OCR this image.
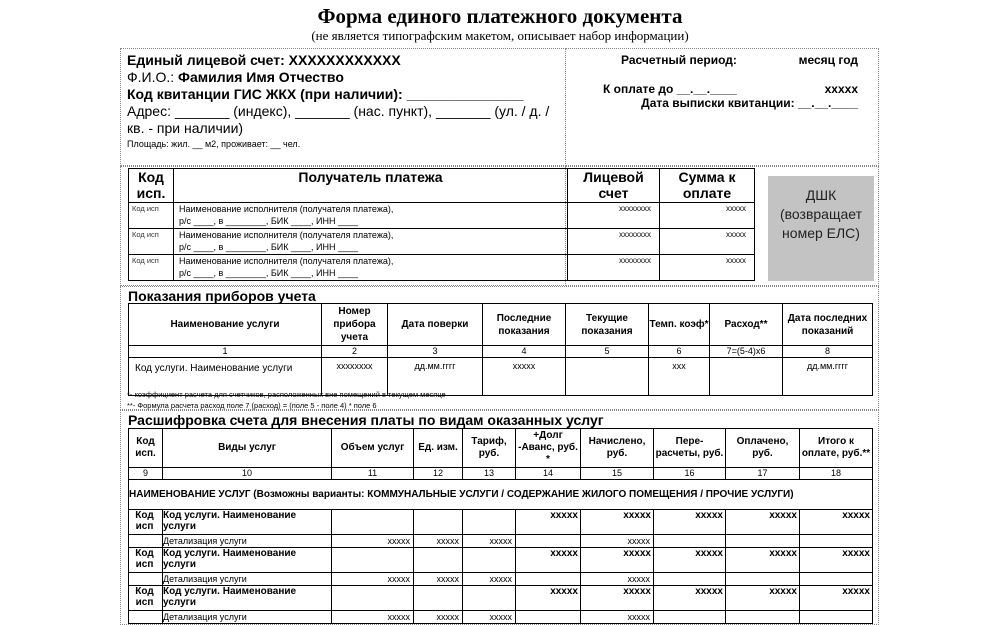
Форма единого платежного документа
(не является типографским макетом, описывает набор информации)
Единый лицевой счет: XXXXXXXXXXXX
Ф.И.О.: Фамилия Имя Отчество
Код квитанции ГИС ЖКХ (при наличии): _______________
Адрес: _______ (индекс), _______ (нас. пункт), _______ (ул. / д. / кв. - при наличии)
Площадь: жил. __ м2, проживает: __ чел.
Расчетный период:	месяц год
К оплате до __.__.____	xxxxx
Дата выписки квитанции: __.__.____
Код исп.	Получатель платежа	Лицевой счет	Сумма к оплате
Код исп	Наименование исполнителя (получателя платежа),
р/с ____, в ________, БИК ____, ИНН ____	xxxxxxxx	xxxxx
Код исп	Наименование исполнителя (получателя платежа),
р/с ____, в ________, БИК ____, ИНН ____	xxxxxxxx	xxxxx
Код исп	Наименование исполнителя (получателя платежа),
р/с ____, в ________, БИК ____, ИНН ____	xxxxxxxx	xxxxx
ДШК (возвращает номер ЕЛС)
Показания приборов учета
Наименование услуги	Номер прибора учета	Дата поверки	Последние показания	Текущие показания	Темп. коэф*	Расход**	Дата последних показаний
1	2	3	4	5	6	7=(5-4)х6	8
Код услуги. Наименование услуги	xxxxxxxx	дд.мм.гггг	xxxxx		xxx		дд.мм.гггг
*- коэффициент расчета для счетчиков, расположенных вне помещений в текущем месяце
**- Формула расчета расход поле 7 (расход) = (поле 5 - поле 4) * поле 6
Расшифровка счета для внесения платы по видам оказанных услуг
Код исп.	Виды услуг	Объем услуг	Ед. изм.	Тариф, руб.	+Долг -Аванс, руб. *	Начислено, руб.	Пере-расчеты, руб.	Оплачено, руб.	Итого к оплате, руб.**
9	10	11	12	13	14	15	16	17	18
НАИМЕНОВАНИЕ УСЛУГ (Возможны варианты: КОММУНАЛЬНЫЕ УСЛУГИ / СОДЕРЖАНИЕ ЖИЛОГО ПОМЕЩЕНИЯ / ПРОЧИЕ УСЛУГИ)									
Код исп	Код услуги. Наименование услуги				xxxxx	xxxxx	xxxxx	xxxxx	xxxxx
	Детализация услуги	xxxxx	xxxxx	xxxxx		xxxxx			
Код исп	Код услуги. Наименование услуги				xxxxx	xxxxx	xxxxx	xxxxx	xxxxx
	Детализация услуги	xxxxx	xxxxx	xxxxx		xxxxx			
Код исп	Код услуги. Наименование услуги				xxxxx	xxxxx	xxxxx	xxxxx	xxxxx
	Детализация услуги	xxxxx	xxxxx	xxxxx		xxxxx			
